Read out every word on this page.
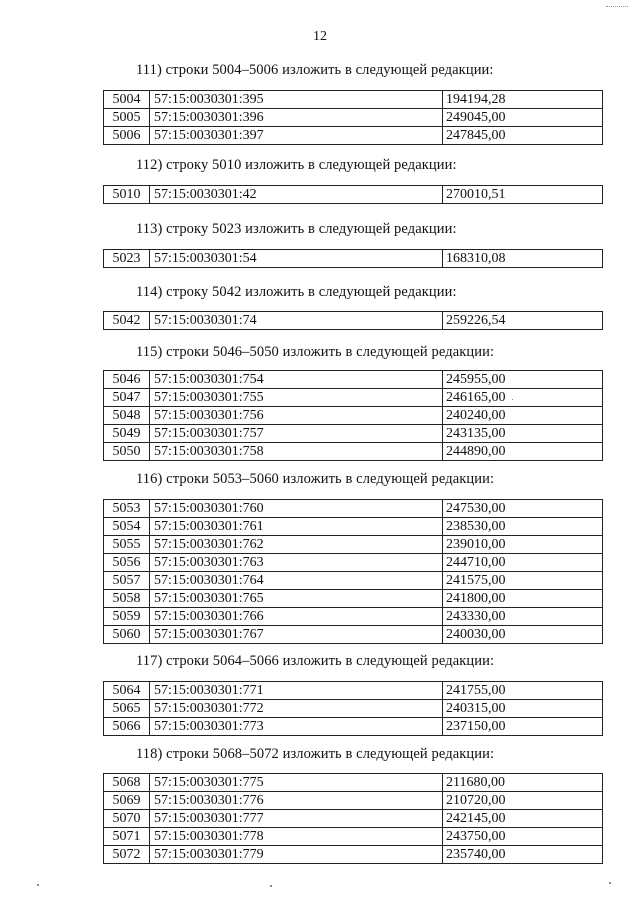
12
111) строки 5004–5006 изложить в следующей редакции:
5004	57:15:0030301:395	194194,28
5005	57:15:0030301:396	249045,00
5006	57:15:0030301:397	247845,00
112) строку 5010 изложить в следующей редакции:
5010	57:15:0030301:42	270010,51
113) строку 5023 изложить в следующей редакции:
5023	57:15:0030301:54	168310,08
114) строку 5042 изложить в следующей редакции:
5042	57:15:0030301:74	259226,54
115) строки 5046–5050 изложить в следующей редакции:
5046	57:15:0030301:754	245955,00
5047	57:15:0030301:755	246165,00
5048	57:15:0030301:756	240240,00
5049	57:15:0030301:757	243135,00
5050	57:15:0030301:758	244890,00
116) строки 5053–5060 изложить в следующей редакции:
5053	57:15:0030301:760	247530,00
5054	57:15:0030301:761	238530,00
5055	57:15:0030301:762	239010,00
5056	57:15:0030301:763	244710,00
5057	57:15:0030301:764	241575,00
5058	57:15:0030301:765	241800,00
5059	57:15:0030301:766	243330,00
5060	57:15:0030301:767	240030,00
117) строки 5064–5066 изложить в следующей редакции:
5064	57:15:0030301:771	241755,00
5065	57:15:0030301:772	240315,00
5066	57:15:0030301:773	237150,00
118) строки 5068–5072 изложить в следующей редакции:
5068	57:15:0030301:775	211680,00
5069	57:15:0030301:776	210720,00
5070	57:15:0030301:777	242145,00
5071	57:15:0030301:778	243750,00
5072	57:15:0030301:779	235740,00
